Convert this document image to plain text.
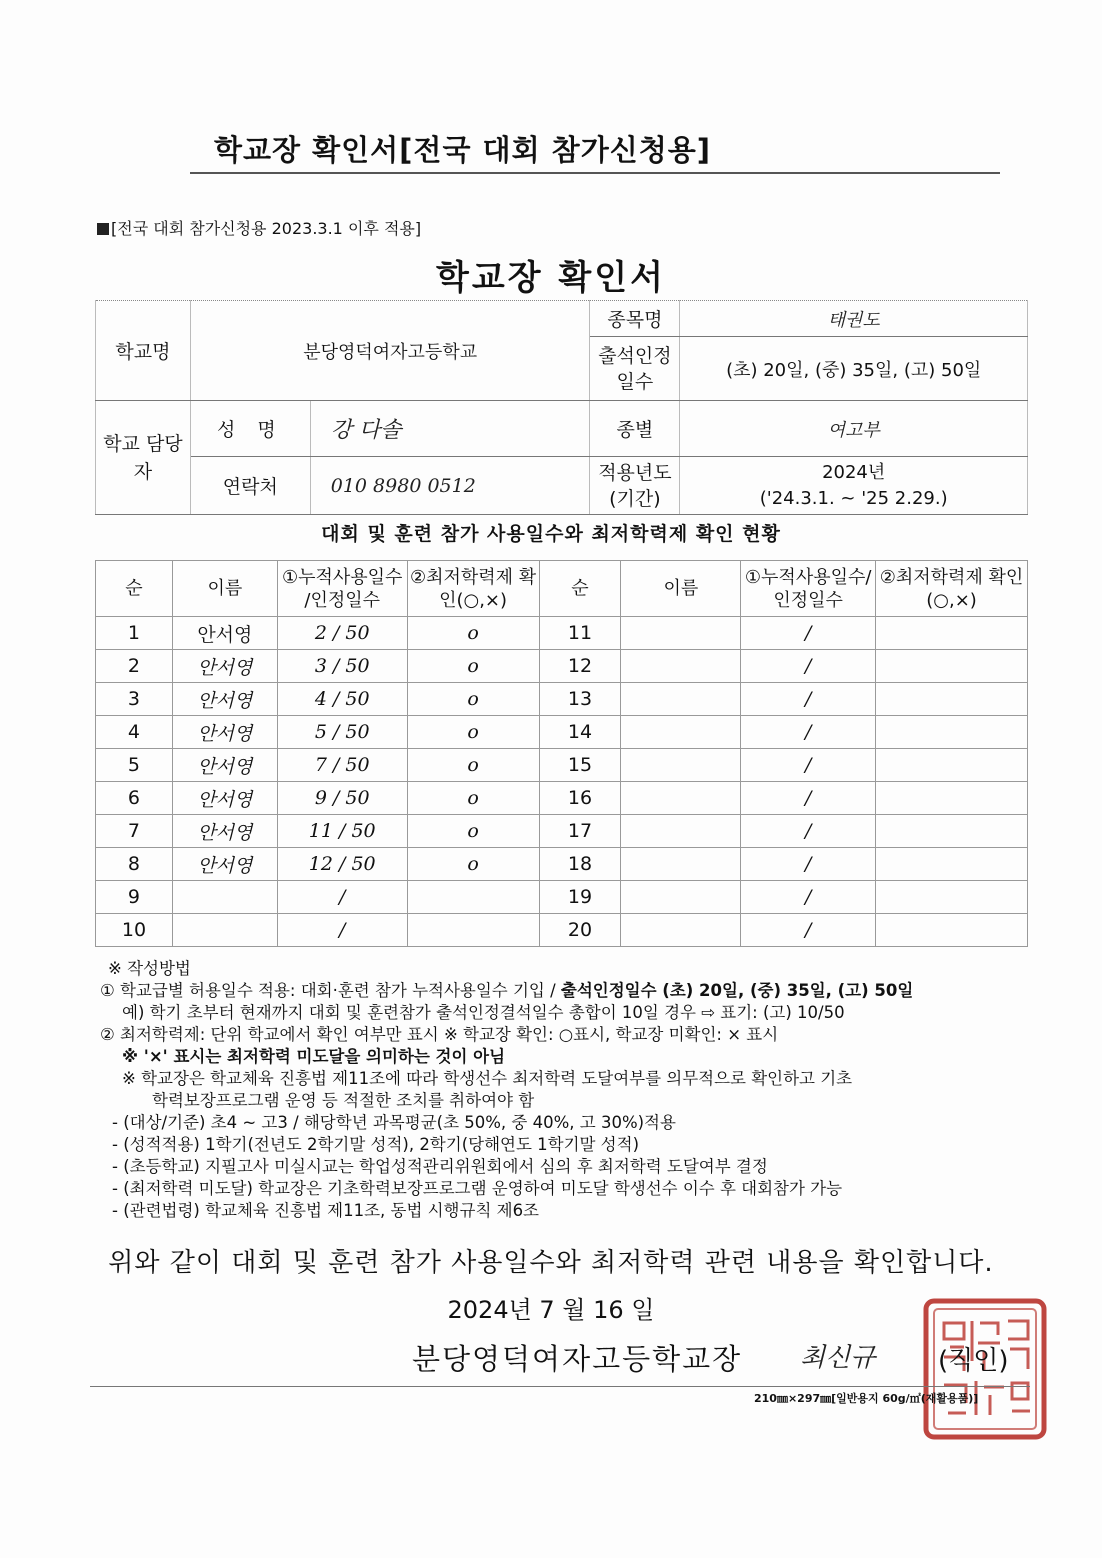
학교장 확인서[전국 대회 참가신청용]
[전국 대회 참가신청용 2023.3.1 이후 적용]
학교장 확인서
학교명	분당영덕여자고등학교		종목명	태권도
			출석인정 일수	(초) 20일, (중) 35일, (고) 50일
학교 담당자	성 명	강 다솔	종별	여고부
	연락처	010 8980 0512	적용년도 (기간)	2024년
('24.3.1. ~ '25 2.29.)
대회 및 훈련 참가 사용일수와 최저학력제 확인 현황
순	이름	①누적사용일수 /인정일수	②최저학력제 확인(○,×)	순	이름	①누적사용일수/ 인정일수	②최저학력제 확인(○,×)
1	안서영	2 / 50	o	11		/	
2	안서영	3 / 50	o	12		/	
3	안서영	4 / 50	o	13		/	
4	안서영	5 / 50	o	14		/	
5	안서영	7 / 50	o	15		/	
6	안서영	9 / 50	o	16		/	
7	안서영	11 / 50	o	17		/	
8	안서영	12 / 50	o	18		/	
9		/		19		/	
10		/		20		/	
※ 작성방법
① 학교급별 허용일수 적용: 대회·훈련 참가 누적사용일수 기입 / 출석인정일수 (초) 20일, (중) 35일, (고) 50일
예) 학기 초부터 현재까지 대회 및 훈련참가 출석인정결석일수 총합이 10일 경우 ⇨ 표기: (고) 10/50
② 최저학력제: 단위 학교에서 확인 여부만 표시 ※ 학교장 확인: ○표시, 학교장 미확인: × 표시
※ '×' 표시는 최저학력 미도달을 의미하는 것이 아님
※ 학교장은 학교체육 진흥법 제11조에 따라 학생선수 최저학력 도달여부를 의무적으로 확인하고 기초
학력보장프로그램 운영 등 적절한 조치를 취하여야 함
- (대상/기준) 초4 ~ 고3 / 해당학년 과목평균(초 50%, 중 40%, 고 30%)적용
- (성적적용) 1학기(전년도 2학기말 성적), 2학기(당해연도 1학기말 성적)
- (초등학교) 지필고사 미실시교는 학업성적관리위원회에서 심의 후 최저학력 도달여부 결정
- (최저학력 미도달) 학교장은 기초학력보장프로그램 운영하여 미도달 학생선수 이수 후 대회참가 가능
- (관련법령) 학교체육 진흥법 제11조, 동법 시행규칙 제6조
위와 같이 대회 및 훈련 참가 사용일수와 최저학력 관련 내용을 확인합니다.
2024년 7 월 16 일
분당영덕여자고등학교장 최신규 (직인)
210㎜×297㎜[일반용지 60g/㎡(재활용품)]
